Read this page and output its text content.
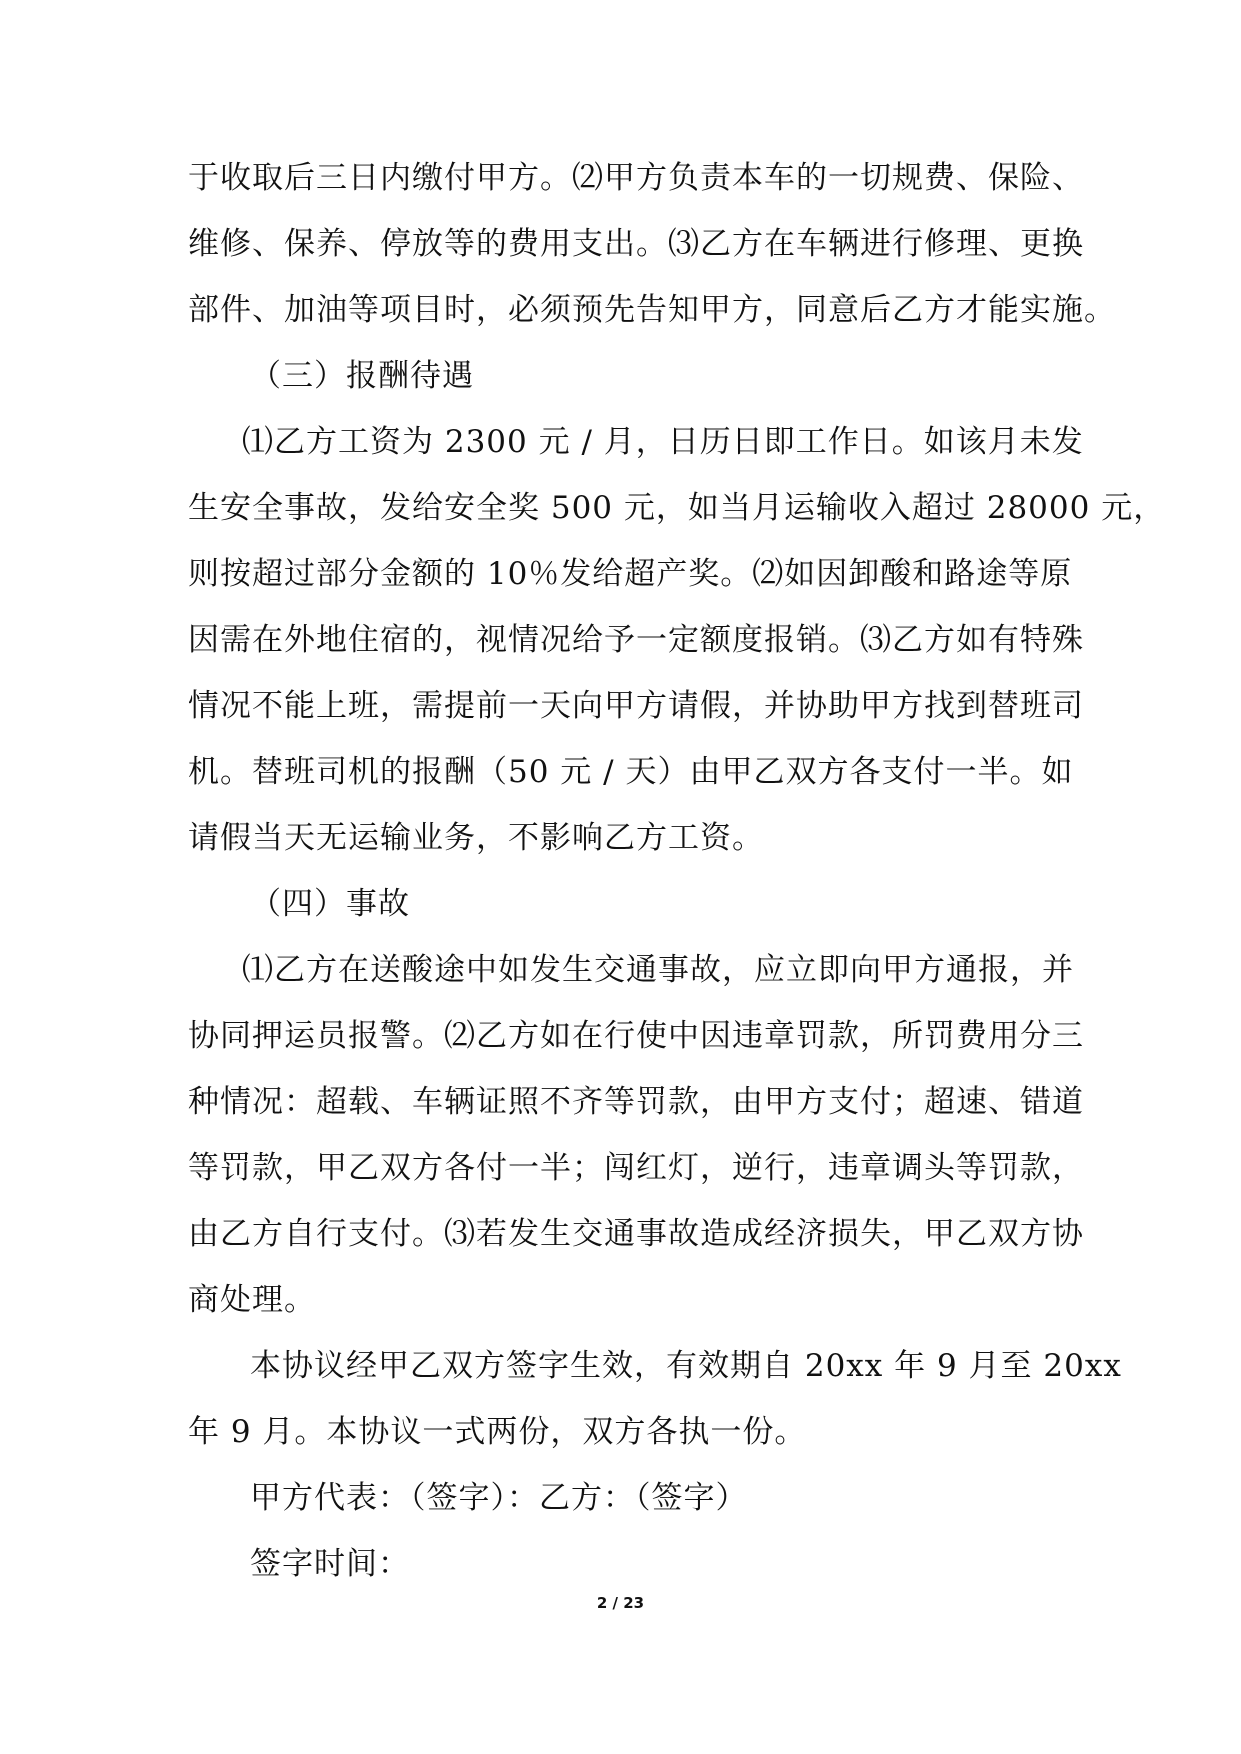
于收取后三日内缴付甲方。⑵甲方负责本车的一切规费、保险、
维修、保养、停放等的费用支出。⑶乙方在车辆进行修理、更换
部件、加油等项目时，必须预先告知甲方，同意后乙方才能实施。
（三）报酬待遇
⑴乙方工资为 2300 元 / 月，日历日即工作日。如该月未发
生安全事故，发给安全奖 500 元，如当月运输收入超过 28000 元，
则按超过部分金额的 10％发给超产奖。⑵如因卸酸和路途等原
因需在外地住宿的，视情况给予一定额度报销。⑶乙方如有特殊
情况不能上班，需提前一天向甲方请假，并协助甲方找到替班司
机。替班司机的报酬（50 元 / 天）由甲乙双方各支付一半。如
请假当天无运输业务，不影响乙方工资。
（四）事故
⑴乙方在送酸途中如发生交通事故，应立即向甲方通报，并
协同押运员报警。⑵乙方如在行使中因违章罚款，所罚费用分三
种情况：超载、车辆证照不齐等罚款，由甲方支付；超速、错道
等罚款，甲乙双方各付一半；闯红灯，逆行，违章调头等罚款，
由乙方自行支付。⑶若发生交通事故造成经济损失，甲乙双方协
商处理。
本协议经甲乙双方签字生效，有效期自 20xx 年 9 月至 20xx
年 9 月。本协议一式两份，双方各执一份。
甲方代表：（签字）：乙方：（签字）
签字时间：
2 / 23
